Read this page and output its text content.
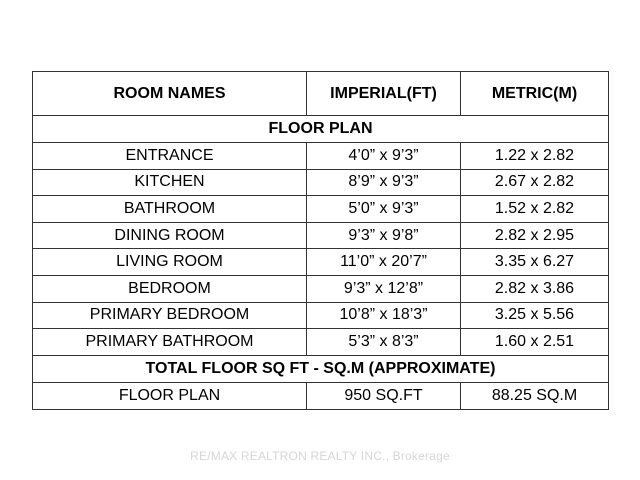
ROOM NAMES	IMPERIAL(FT)	METRIC(M)
FLOOR PLAN		
ENTRANCE	4’0” x 9’3”	1.22 x 2.82
KITCHEN	8’9” x 9’3”	2.67 x 2.82
BATHROOM	5’0” x 9’3”	1.52 x 2.82
DINING ROOM	9’3” x 9’8”	2.82 x 2.95
LIVING ROOM	11’0” x 20’7”	3.35 x 6.27
BEDROOM	9’3” x 12’8”	2.82 x 3.86
PRIMARY BEDROOM	10’8” x 18’3”	3.25 x 5.56
PRIMARY BATHROOM	5’3” x 8’3”	1.60 x 2.51
TOTAL FLOOR SQ FT - SQ.M (APPROXIMATE)		
FLOOR PLAN	950 SQ.FT	88.25 SQ.M
RE/MAX REALTRON REALTY INC., Brokerage
